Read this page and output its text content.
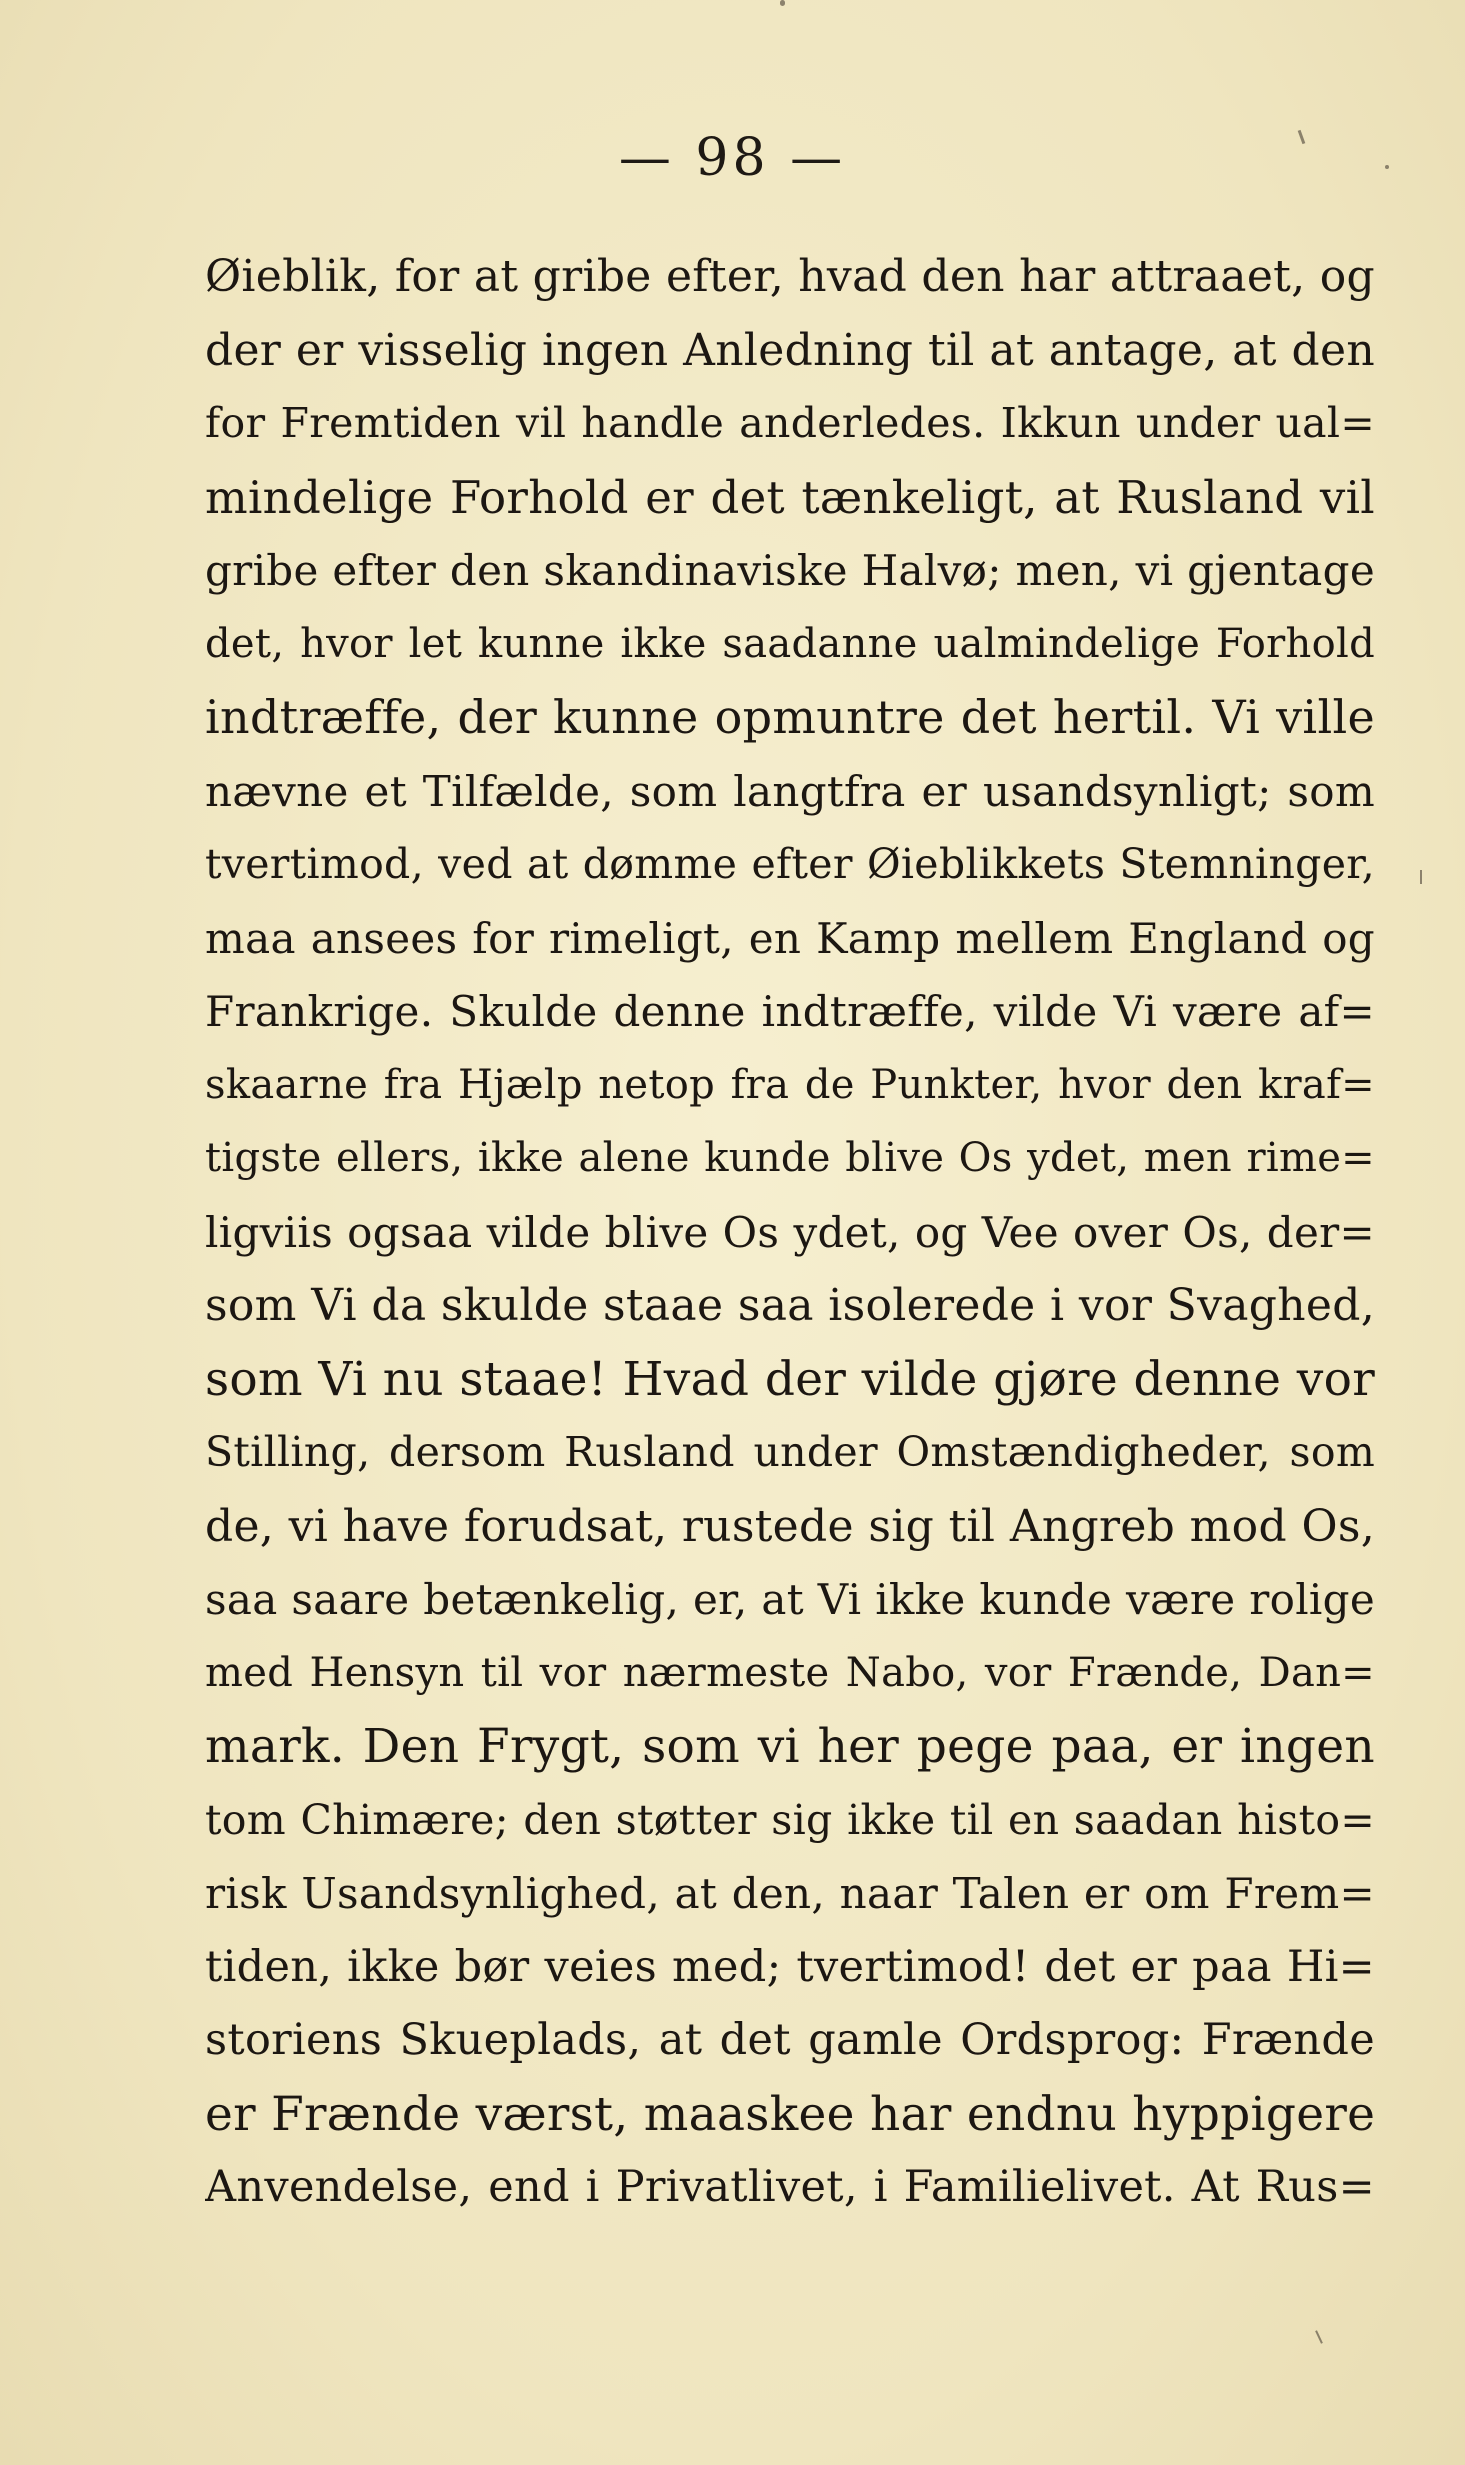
— 98 —
Øieblik, for at gribe efter, hvad den har attraaet, og
der er visselig ingen Anledning til at antage, at den
for Fremtiden vil handle anderledes. Ikkun under ual=
mindelige Forhold er det tænkeligt, at Rusland vil
gribe efter den skandinaviske Halvø; men, vi gjentage
det, hvor let kunne ikke saadanne ualmindelige Forhold
indtræffe, der kunne opmuntre det hertil. Vi ville
nævne et Tilfælde, som langtfra er usandsynligt; som
tvertimod, ved at dømme efter Øieblikkets Stemninger,
maa ansees for rimeligt, en Kamp mellem England og
Frankrige. Skulde denne indtræffe, vilde Vi være af=
skaarne fra Hjælp netop fra de Punkter, hvor den kraf=
tigste ellers, ikke alene kunde blive Os ydet, men rime=
ligviis ogsaa vilde blive Os ydet, og Vee over Os, der=
som Vi da skulde staae saa isolerede i vor Svaghed,
som Vi nu staae! Hvad der vilde gjøre denne vor
Stilling, dersom Rusland under Omstændigheder, som
de, vi have forudsat, rustede sig til Angreb mod Os,
saa saare betænkelig, er, at Vi ikke kunde være rolige
med Hensyn til vor nærmeste Nabo, vor Frænde, Dan=
mark. Den Frygt, som vi her pege paa, er ingen
tom Chimære; den støtter sig ikke til en saadan histo=
risk Usandsynlighed, at den, naar Talen er om Frem=
tiden, ikke bør veies med; tvertimod! det er paa Hi=
storiens Skueplads, at det gamle Ordsprog: Frænde
er Frænde værst, maaskee har endnu hyppigere
Anvendelse, end i Privatlivet, i Familielivet. At Rus=
